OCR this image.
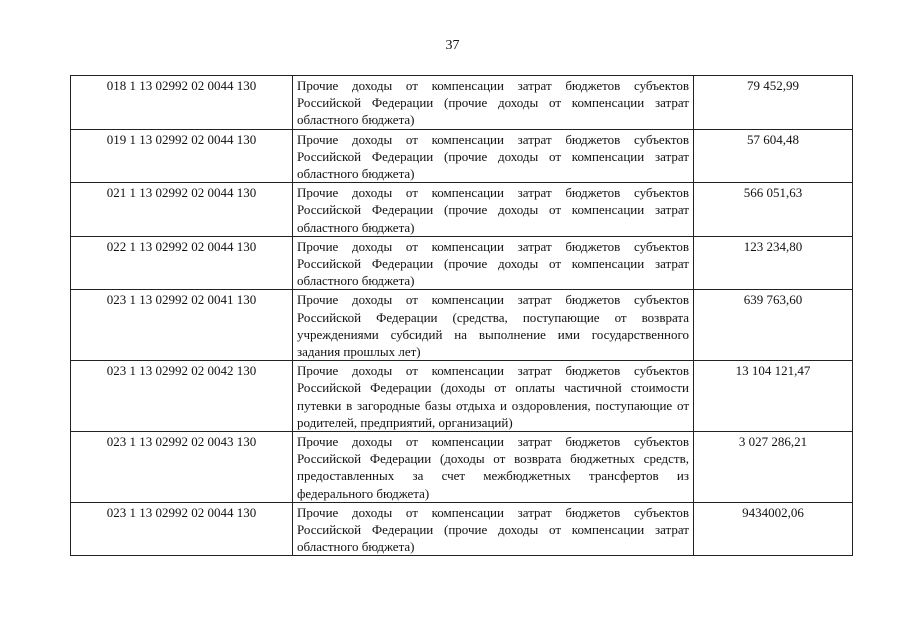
37
018 1 13 02992 02 0044 130	Прочие доходы от компенсации затрат бюджетов субъектов Российской Федерации (прочие доходы от компенсации затрат областного бюджета)	79 452,99
019 1 13 02992 02 0044 130	Прочие доходы от компенсации затрат бюджетов субъектов Российской Федерации (прочие доходы от компенсации затрат областного бюджета)	57 604,48
021 1 13 02992 02 0044 130	Прочие доходы от компенсации затрат бюджетов субъектов Российской Федерации (прочие доходы от компенсации затрат областного бюджета)	566 051,63
022 1 13 02992 02 0044 130	Прочие доходы от компенсации затрат бюджетов субъектов Российской Федерации (прочие доходы от компенсации затрат областного бюджета)	123 234,80
023 1 13 02992 02 0041 130	Прочие доходы от компенсации затрат бюджетов субъектов Российской Федерации (средства, поступающие от возврата учреждениями субсидий на выполнение ими государственного задания прошлых лет)	639 763,60
023 1 13 02992 02 0042 130	Прочие доходы от компенсации затрат бюджетов субъектов Российской Федерации (доходы от оплаты частичной стоимости путевки в загородные базы отдыха и оздоровления, поступающие от родителей, предприятий, организаций)	13 104 121,47
023 1 13 02992 02 0043 130	Прочие доходы от компенсации затрат бюджетов субъектов Российской Федерации (доходы от возврата бюджетных средств, предоставленных за счет межбюджетных трансфертов из федерального бюджета)	3 027 286,21
023 1 13 02992 02 0044 130	Прочие доходы от компенсации затрат бюджетов субъектов Российской Федерации (прочие доходы от компенсации затрат областного бюджета)	9434002,06
